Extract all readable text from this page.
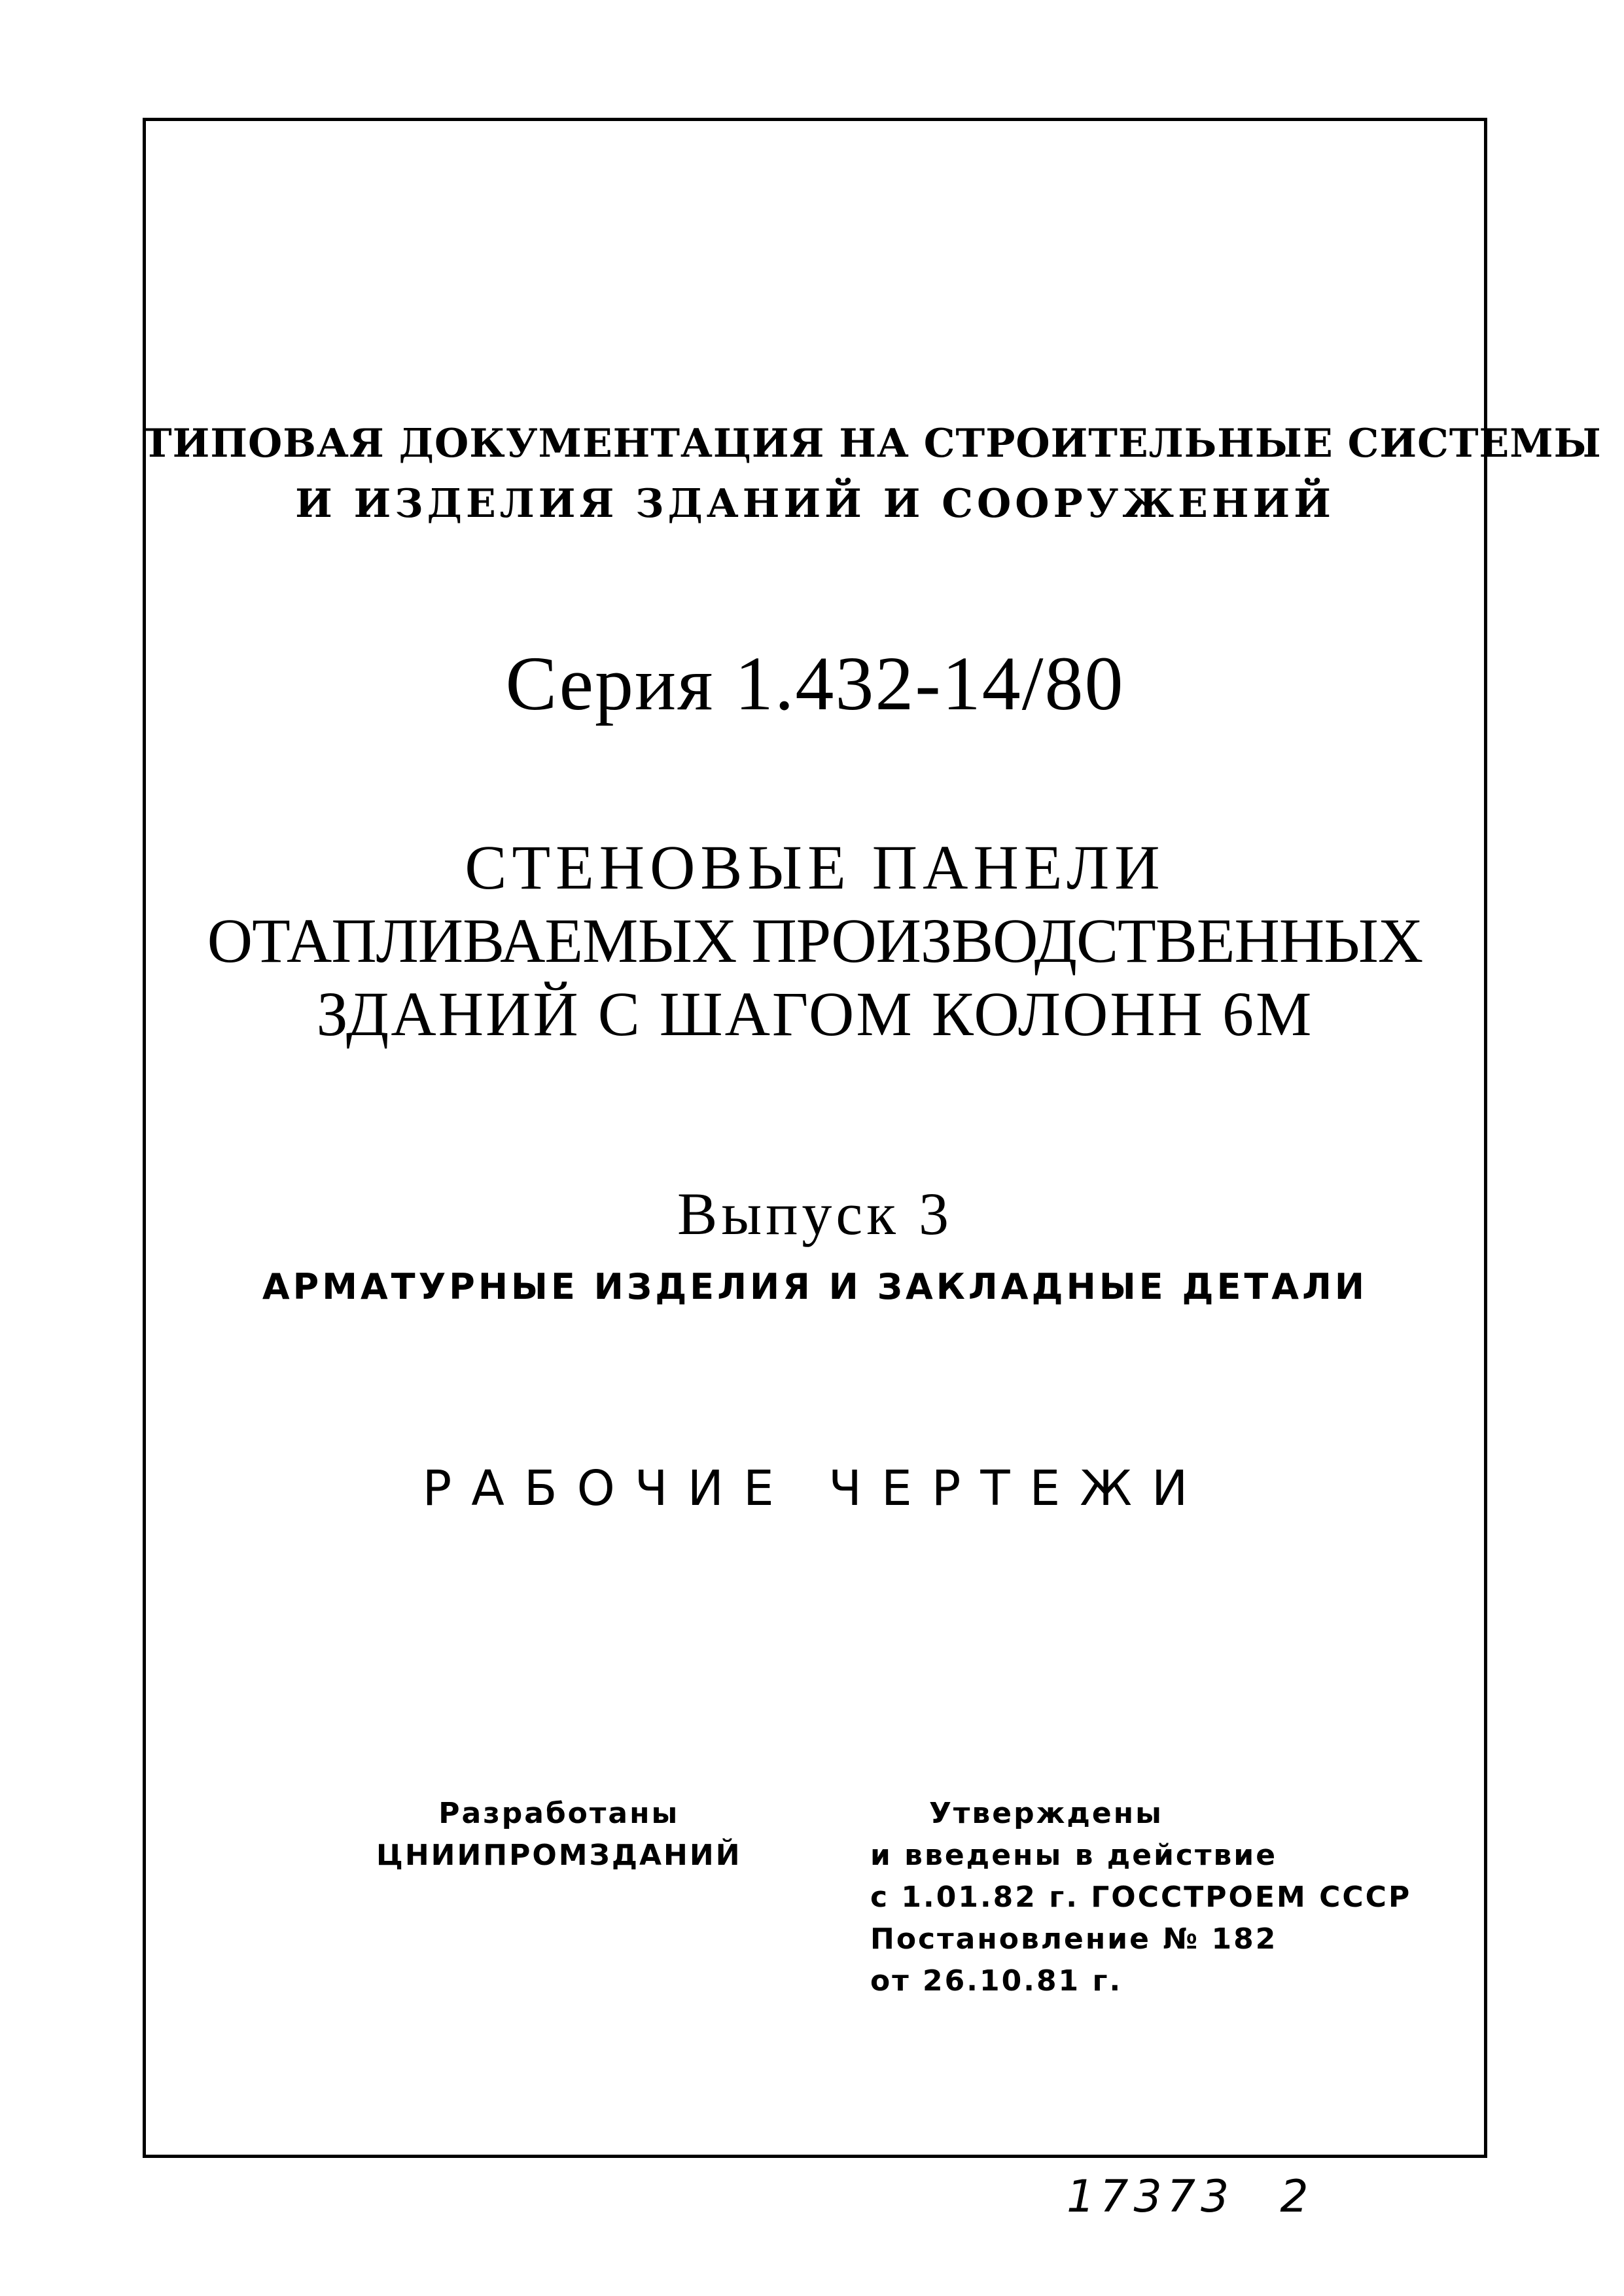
ТИПОВАЯ ДОКУМЕНТАЦИЯ НА СТРОИТЕЛЬНЫЕ СИСТЕМЫ
И ИЗДЕЛИЯ ЗДАНИЙ И СООРУЖЕНИЙ
Серия 1.432-14/80
СТЕНОВЫЕ ПАНЕЛИ
ОТАПЛИВАЕМЫХ ПРОИЗВОДСТВЕННЫХ
ЗДАНИЙ С ШАГОМ КОЛОНН 6М
Выпуск 3
АРМАТУРНЫЕ ИЗДЕЛИЯ И ЗАКЛАДНЫЕ ДЕТАЛИ
РАБОЧИЕ ЧЕРТЕЖИ
Разработаны
ЦНИИПРОМЗДАНИЙ
Утверждены
и введены в действие
с 1.01.82 г. ГОССТРОЕМ СССР
Постановление № 182
от 26.10.81 г.
17373 2
